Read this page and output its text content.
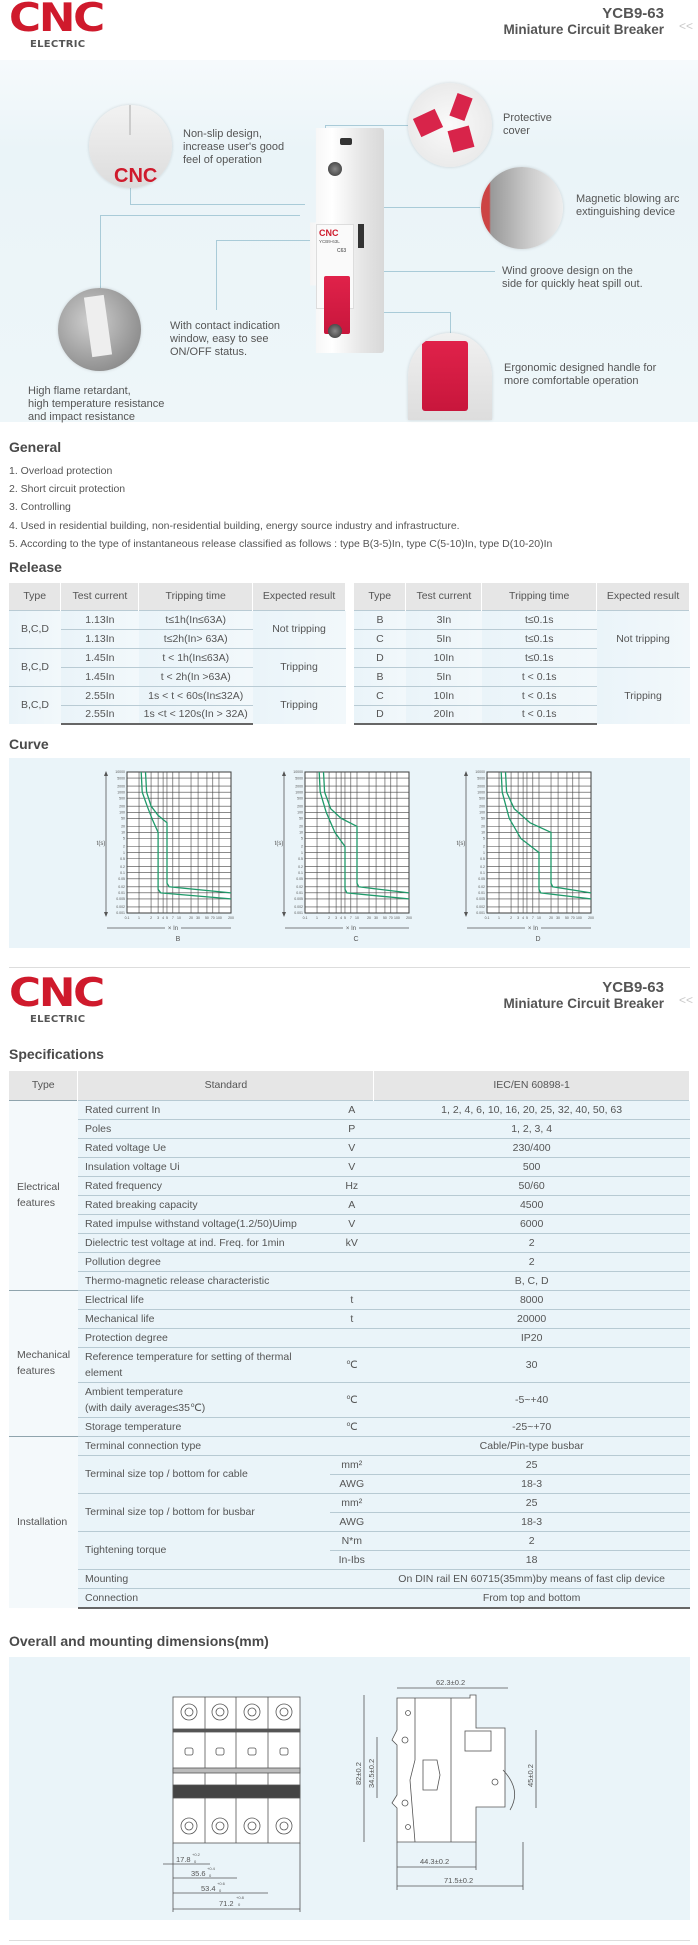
CNC
ELECTRIC
YCB9-63
Miniature Circuit Breaker <<
CNC
YCB9-63L
C63
CNC
Non-slip design,
increase user's good
feel of operation
Protective
cover
Magnetic blowing arc
extinguishing device
Wind groove design on the
side for quickly heat spill out.
With contact indication
window, easy to see
ON/OFF status.
Ergonomic designed handle for
more comfortable operation
High flame retardant,
high temperature resistance
and impact resistance
General
1. Overload protection
2. Short circuit protection
3. Controlling
4. Used in residential building, non-residential building, energy source industry and infrastructure.
5. According to the type of instantaneous release classified as follows : type B(3-5)In, type C(5-10)In, type D(10-20)In
Release
Type	Test current	Tripping time	Expected result
B,C,D	1.13In	t≤1h(In≤63A)	Not tripping
	1.13In	t≤2h(In> 63A)	
B,C,D	1.45In	t < 1h(In≤63A)	Tripping
	1.45In	t < 2h(In >63A)	
B,C,D	2.55In	1s < t < 60s(In≤32A)	Tripping
	2.55In	1s <t < 120s(In > 32A)	
Type	Test current	Tripping time	Expected result
B	3In	t≤0.1s	Not tripping
C	5In	t≤0.1s	
D	10In	t≤0.1s	
B	5In	t < 0.1s	Tripping
C	10In	t < 0.1s	
D	20In	t < 0.1s	
Curve
0.1 1	2 3 4 5 7 10 20 30 50 70 100 200
10000
5000
2000
1000
500
200
100
50
20
10
5
2
1
0.5
0.2
0.1
0.05
0.02
0.01
0.005
0.002
0.001
t(s)
× In
B
0.1 1	2 3 4 5 7 10 20 30 50 70 100 200
10000
5000
2000
1000
500
200
100
50
20
10
5
2
1
0.5
0.2
0.1
0.05
0.02
0.01
0.005
0.002
0.001
t(s)
× In
C
0.1 1	2 3 4 5 7 10 20 30 50 70 100 200
10000
5000
2000
1000
500
200
100
50
20
10
5
2
1
0.5
0.2
0.1
0.05
0.02
0.01
0.005
0.002
0.001
t(s)
× In
D
CNC
ELECTRIC
YCB9-63
Miniature Circuit Breaker <<
Specifications
Type	Standard		IEC/EN 60898-1
Electrical
features	Rated current In	A	1, 2, 4, 6, 10, 16, 20, 25, 32, 40, 50, 63
	Poles	P	1, 2, 3, 4
	Rated voltage Ue	V	230/400
	Insulation voltage Ui	V	500
	Rated frequency	Hz	50/60
	Rated breaking capacity	A	4500
	Rated impulse withstand voltage(1.2/50)Uimp	V	6000
	Dielectric test voltage at ind. Freq. for 1min	kV	2
	Pollution degree		2
	Thermo-magnetic release characteristic		B, C, D
Mechanical
features	Electrical life	t	8000
	Mechanical life	t	20000
	Protection degree		IP20
	Reference temperature for setting of thermal element	℃	30
	Ambient temperature
(with daily average≤35℃)	℃	-5~+40
	Storage temperature	℃	-25~+70
Installation	Terminal connection type		Cable/Pin-type busbar
	Terminal size top / bottom for cable	mm²	25
		AWG	18-3
	Terminal size top / bottom for busbar	mm²	25
		AWG	18-3
	Tightening torque	N*m	2
		In-Ibs	18
	Mounting		On DIN rail EN 60715(35mm)by means of fast clip device
	Connection		From top and bottom
Overall and mounting dimensions(mm)
17.8
+0.2
0
35.6
+0.4
0
53.4
+0.6
0
71.2
+0.8
0
62.3±0.2
82±0.2 34.5±0.2	45±0.2
44.3±0.2
71.5±0.2
